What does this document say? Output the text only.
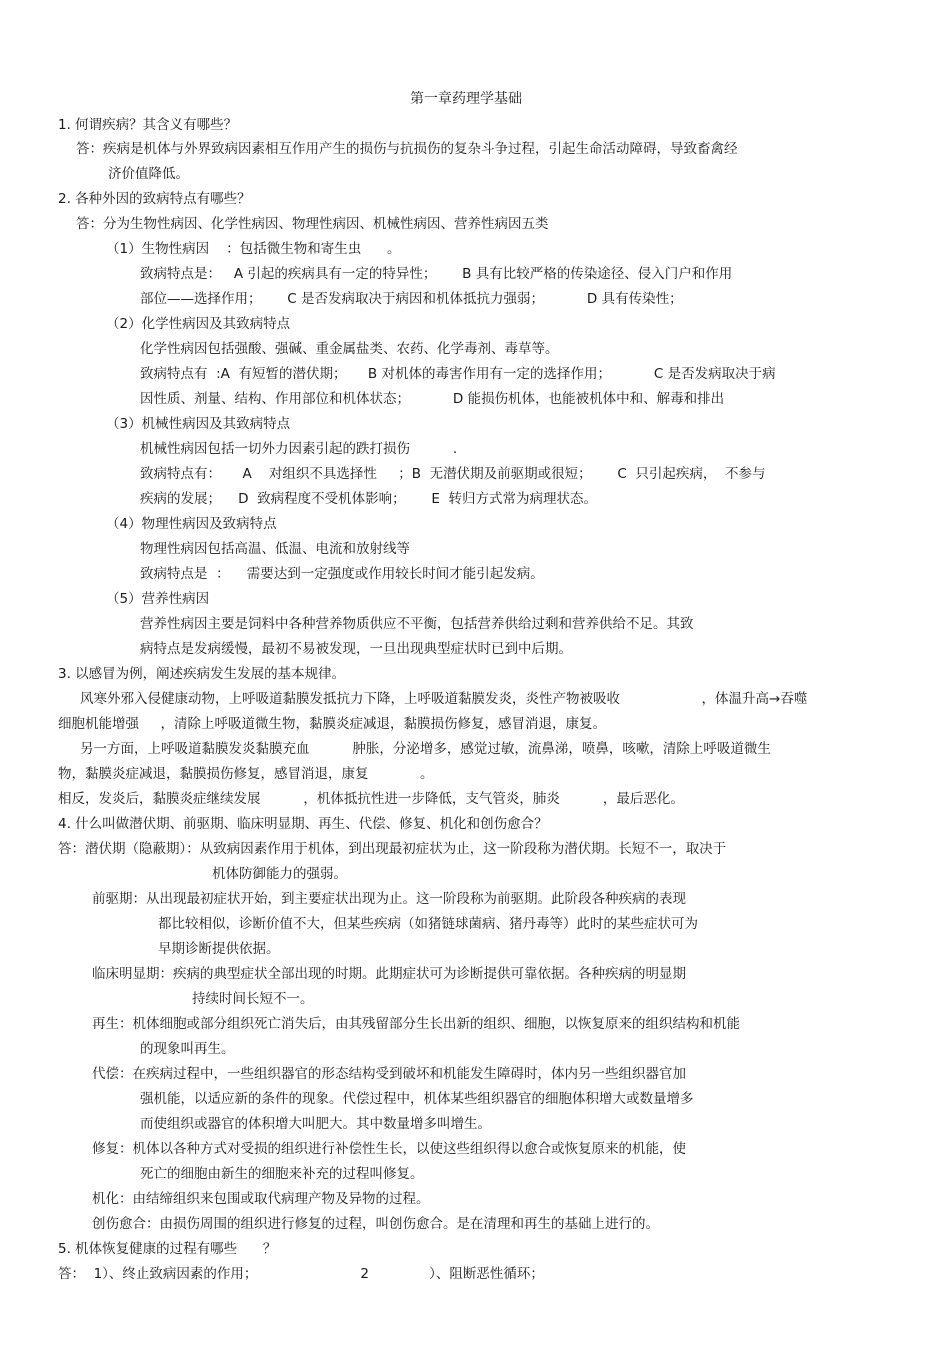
第一章药理学基础
1. 何谓疾病？其含义有哪些？
答：疾病是机体与外界致病因素相互作用产生的损伤与抗损伤的复杂斗争过程，引起生命活动障碍，导致畜禽经
济价值降低。
2. 各种外因的致病特点有哪些？
答：分为生物性病因、化学性病因、物理性病因、机械性病因、营养性病因五类
（1）生物性病因    ：包括微生物和寄生虫      。
致病特点是：   A 引起的疾病具有一定的特异性；      B 具有比较严格的传染途径、侵入门户和作用
部位——选择作用；      C 是否发病取决于病因和机体抵抗力强弱；          D 具有传染性；
（2）化学性病因及其致病特点
化学性病因包括强酸、强碱、重金属盐类、农药、化学毒剂、毒草等。
致病特点有  :A  有短暂的潜伏期；     B 对机体的毒害作用有一定的选择作用；          C 是否发病取决于病
因性质、剂量、结构、作用部位和机体状态；          D 能损伤机体，也能被机体中和、解毒和排出
（3）机械性病因及其致病特点
机械性病因包括一切外力因素引起的跌打损伤          .
致病特点有：     A    对组织不具选择性     ；B  无潜伏期及前驱期或很短；      C  只引起疾病，  不参与
疾病的发展；    D  致病程度不受机体影响；      E  转归方式常为病理状态。
（4）物理性病因及致病特点
物理性病因包括高温、低温、电流和放射线等
致病特点是  ：    需要达到一定强度或作用较长时间才能引起发病。
（5）营养性病因
营养性病因主要是饲料中各种营养物质供应不平衡，包括营养供给过剩和营养供给不足。其致
病特点是发病缓慢，最初不易被发现，一旦出现典型症状时已到中后期。
3. 以感冒为例，阐述疾病发生发展的基本规律。
风寒外邪入侵健康动物，上呼吸道黏膜发抵抗力下降，上呼吸道黏膜发炎，炎性产物被吸收                   ，体温升高→吞噬
细胞机能增强     ，清除上呼吸道微生物，黏膜炎症减退，黏膜损伤修复，感冒消退，康复。
另一方面，上呼吸道黏膜发炎黏膜充血          肿胀，分泌增多，感觉过敏，流鼻涕，喷鼻，咳嗽，清除上呼吸道微生
物，黏膜炎症减退，黏膜损伤修复，感冒消退，康复            。
相反，发炎后，黏膜炎症继续发展          ，机体抵抗性进一步降低，支气管炎，肺炎          ，最后恶化。
4. 什么叫做潜伏期、前驱期、临床明显期、再生、代偿、修复、机化和创伤愈合？
答：潜伏期（隐蔽期）：从致病因素作用于机体，到出现最初症状为止，这一阶段称为潜伏期。长短不一，取决于
机体防御能力的强弱。
前驱期：从出现最初症状开始，到主要症状出现为止。这一阶段称为前驱期。此阶段各种疾病的表现
都比较相似，诊断价值不大，但某些疾病（如猪链球菌病、猪丹毒等）此时的某些症状可为
早期诊断提供依据。
临床明显期：疾病的典型症状全部出现的时期。此期症状可为诊断提供可靠依据。各种疾病的明显期
持续时间长短不一。
再生：机体细胞或部分组织死亡消失后，由其残留部分生长出新的组织、细胞，以恢复原来的组织结构和机能
的现象叫再生。
代偿：在疾病过程中，一些组织器官的形态结构受到破坏和机能发生障碍时，体内另一些组织器官加
强机能，以适应新的条件的现象。代偿过程中，机体某些组织器官的细胞体积增大或数量增多
而使组织或器官的体积增大叫肥大。其中数量增多叫增生。
修复：机体以各种方式对受损的组织进行补偿性生长，以使这些组织得以愈合或恢复原来的机能，使
死亡的细胞由新生的细胞来补充的过程叫修复。
机化：由结缔组织来包围或取代病理产物及异物的过程。
创伤愈合：由损伤周围的组织进行修复的过程，叫创伤愈合。是在清理和再生的基础上进行的。
5. 机体恢复健康的过程有哪些      ？
答：  1）、终止致病因素的作用；                        2              ）、阻断恶性循环；
